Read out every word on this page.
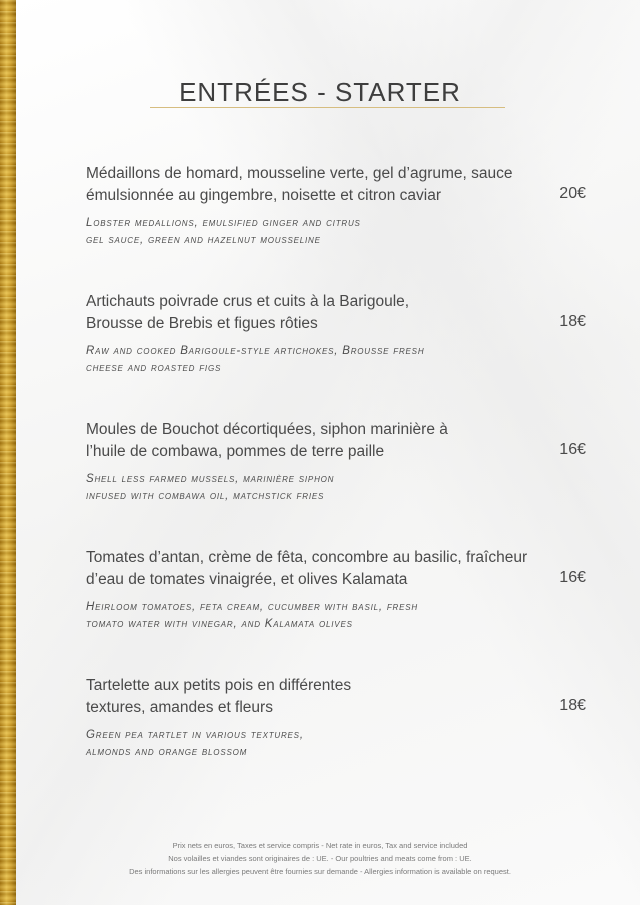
ENTRÉES - STARTER
Médaillons de homard, mousseline verte, gel d’agrume, sauce
émulsionnée au gingembre, noisette et citron caviar	20€
Lobster medallions, emulsified ginger and citrus
gel sauce, green and hazelnut mousseline
Artichauts poivrade crus et cuits à la Barigoule,
Brousse de Brebis et figues rôties	18€
Raw and cooked Barigoule-style artichokes, Brousse fresh
cheese and roasted figs
Moules de Bouchot décortiquées, siphon marinière à
l’huile de combawa, pommes de terre paille	16€
Shell less farmed mussels, marinière siphon
infused with combawa oil, matchstick fries
Tomates d’antan, crème de fêta, concombre au basilic, fraîcheur
d’eau de tomates vinaigrée, et olives Kalamata	16€
Heirloom tomatoes, feta cream, cucumber with basil, fresh
tomato water with vinegar, and Kalamata olives
Tartelette aux petits pois en différentes
textures, amandes et fleurs	18€
Green pea tartlet in various textures,
almonds and orange blossom
Prix nets en euros, Taxes et service compris - Net rate in euros, Tax and service included
Nos volailles et viandes sont originaires de : UE. - Our poultries and meats come from : UE.
Des informations sur les allergies peuvent être fournies sur demande - Allergies information is available on request.
